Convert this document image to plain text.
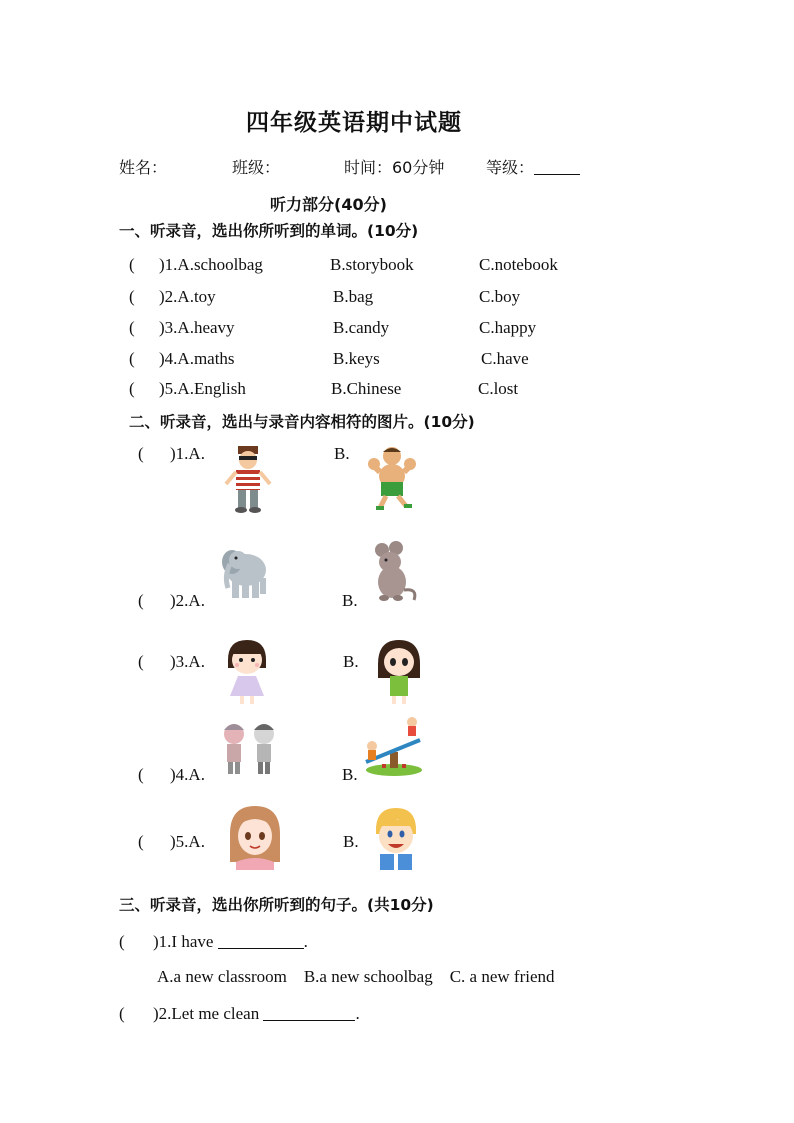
四年级英语期中试题
姓名：	班级：	时间：60分钟	等级：
听力部分(40分)
一、听录音，选出你所听到的单词。(10分)
( )1.A.schoolbag	B.storybook	C.notebook
( )2.A.toy	B.bag	C.boy
( )3.A.heavy	B.candy	C.happy
( )4.A.maths	B.keys	C.have
( )5.A.English	B.Chinese	C.lost
二、听录音，选出与录音内容相符的图片。(10分)
( )1.A.	B.
( )2.A.	B.
( )3.A.	B.
( )4.A.	B.
( )5.A.	B.
三、听录音，选出你所听到的句子。(共10分)
( )1.I have	.
A.a new classroom    B.a new schoolbag    C. a new friend
( )2.Let me clean	.
